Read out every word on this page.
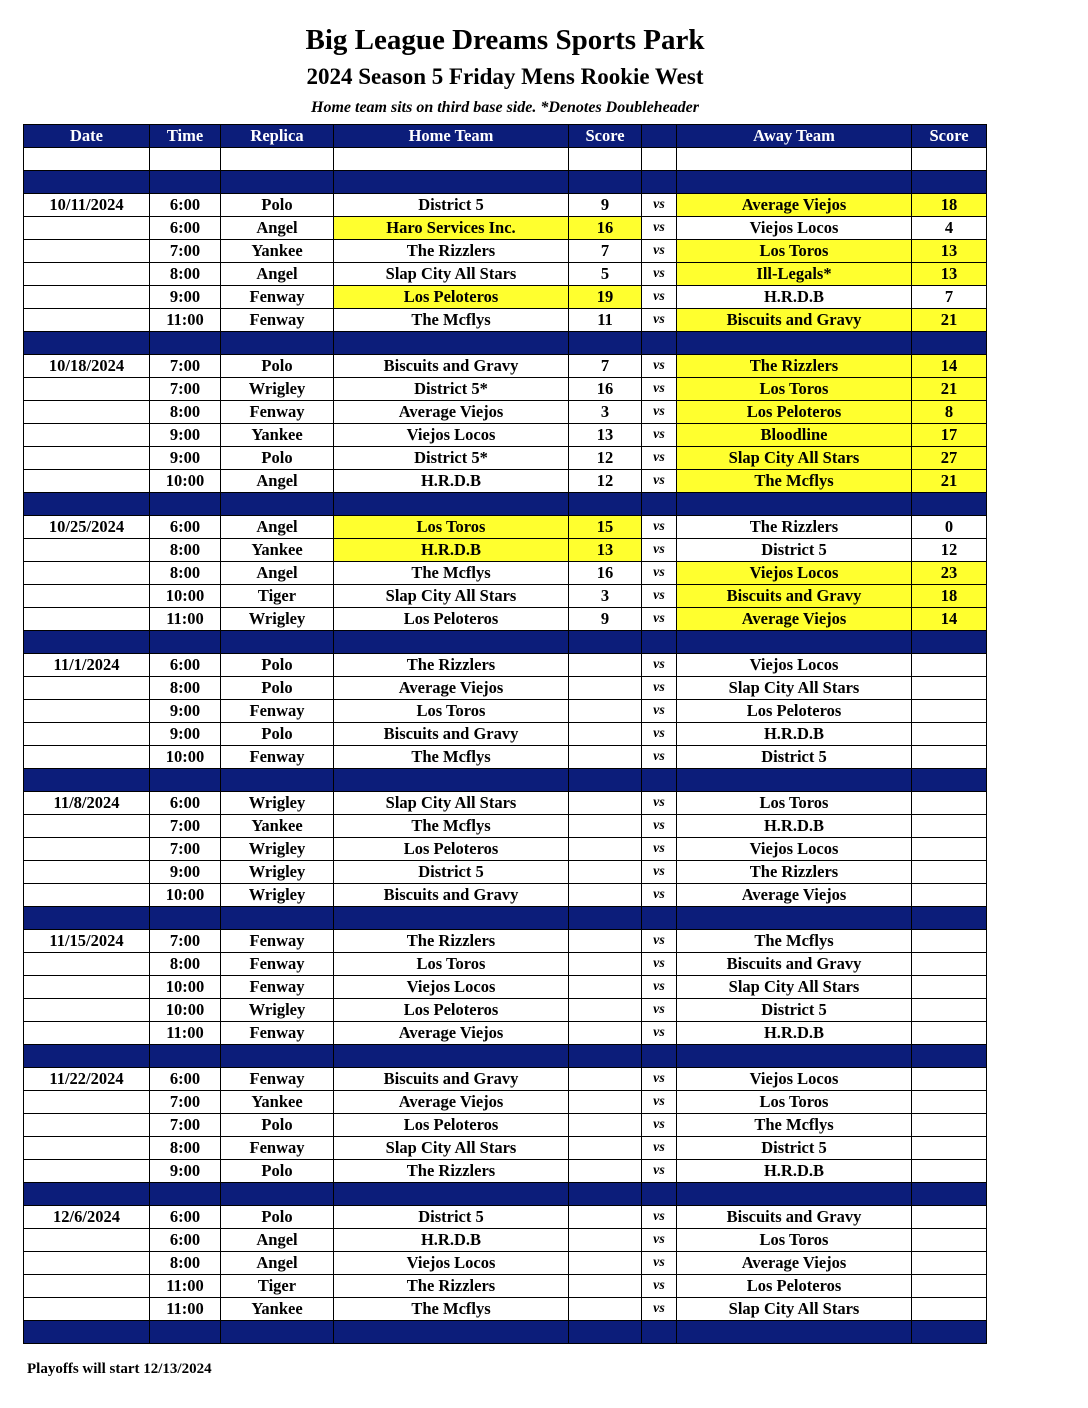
Big League Dreams Sports Park
2024 Season 5 Friday Mens Rookie West
Home team sits on third base side. *Denotes Doubleheader
Date	Time	Replica	Home Team	Score		Away Team	Score

10/11/2024	6:00	Polo	District 5	9	vs	Average Viejos	18
	6:00	Angel	Haro Services Inc.	16	vs	Viejos Locos	4
	7:00	Yankee	The Rizzlers	7	vs	Los Toros	13
	8:00	Angel	Slap City All Stars	5	vs	Ill-Legals*	13
	9:00	Fenway	Los Peloteros	19	vs	H.R.D.B	7
	11:00	Fenway	The Mcflys	11	vs	Biscuits and Gravy	21

10/18/2024	7:00	Polo	Biscuits and Gravy	7	vs	The Rizzlers	14
	7:00	Wrigley	District 5*	16	vs	Los Toros	21
	8:00	Fenway	Average Viejos	3	vs	Los Peloteros	8
	9:00	Yankee	Viejos Locos	13	vs	Bloodline	17
	9:00	Polo	District 5*	12	vs	Slap City All Stars	27
	10:00	Angel	H.R.D.B	12	vs	The Mcflys	21

10/25/2024	6:00	Angel	Los Toros	15	vs	The Rizzlers	0
	8:00	Yankee	H.R.D.B	13	vs	District 5	12
	8:00	Angel	The Mcflys	16	vs	Viejos Locos	23
	10:00	Tiger	Slap City All Stars	3	vs	Biscuits and Gravy	18
	11:00	Wrigley	Los Peloteros	9	vs	Average Viejos	14

11/1/2024	6:00	Polo	The Rizzlers		vs	Viejos Locos	
	8:00	Polo	Average Viejos		vs	Slap City All Stars	
	9:00	Fenway	Los Toros		vs	Los Peloteros	
	9:00	Polo	Biscuits and Gravy		vs	H.R.D.B	
	10:00	Fenway	The Mcflys		vs	District 5	

11/8/2024	6:00	Wrigley	Slap City All Stars		vs	Los Toros	
	7:00	Yankee	The Mcflys		vs	H.R.D.B	
	7:00	Wrigley	Los Peloteros		vs	Viejos Locos	
	9:00	Wrigley	District 5		vs	The Rizzlers	
	10:00	Wrigley	Biscuits and Gravy		vs	Average Viejos	

11/15/2024	7:00	Fenway	The Rizzlers		vs	The Mcflys	
	8:00	Fenway	Los Toros		vs	Biscuits and Gravy	
	10:00	Fenway	Viejos Locos		vs	Slap City All Stars	
	10:00	Wrigley	Los Peloteros		vs	District 5	
	11:00	Fenway	Average Viejos		vs	H.R.D.B	

11/22/2024	6:00	Fenway	Biscuits and Gravy		vs	Viejos Locos	
	7:00	Yankee	Average Viejos		vs	Los Toros	
	7:00	Polo	Los Peloteros		vs	The Mcflys	
	8:00	Fenway	Slap City All Stars		vs	District 5	
	9:00	Polo	The Rizzlers		vs	H.R.D.B	

12/6/2024	6:00	Polo	District 5		vs	Biscuits and Gravy	
	6:00	Angel	H.R.D.B		vs	Los Toros	
	8:00	Angel	Viejos Locos		vs	Average Viejos	
	11:00	Tiger	The Rizzlers		vs	Los Peloteros	
	11:00	Yankee	The Mcflys		vs	Slap City All Stars	

Playoffs will start 12/13/2024
